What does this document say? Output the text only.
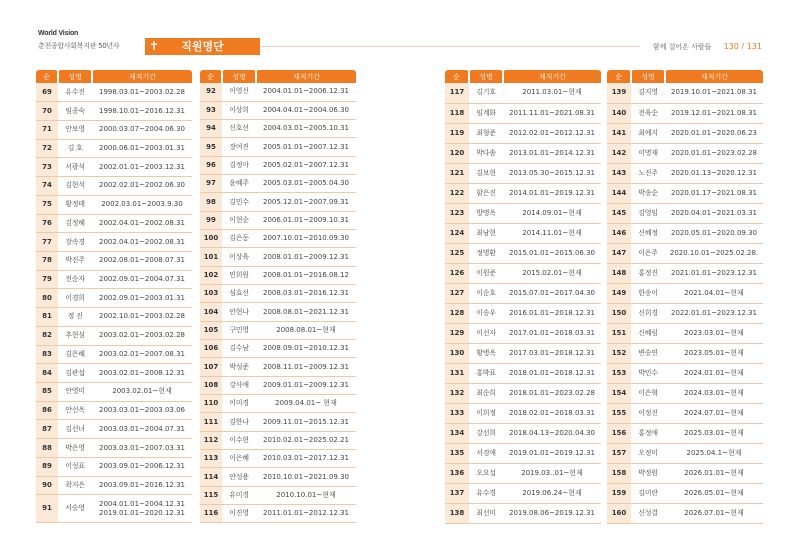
World Vision
춘천종합사회복지관 50년사 ✝	직원명단	함께 걸어온 사람들 130 / 131
순	성명	재직기간
69	유수진	1998.03.01~2003.02.28

70	임종숙	1998.10.01~2016.12.31

71	안보영	2000.03.07~2004.06.30

72	김 호	2000.06.01~2003.01.31

73	서광석	2002.01.01~2003.12.31

74	김현석	2002.02.01~2002.06.30

75	황정태	2002.03.01~2003.9.30

76	김정혜	2002.04.01~2002.08.31

77	장속경	2002.04.01~2002.08.31

78	박진주	2002.08.01~2008.07.31

79	전순자	2002.09.01~2004.07.31

80	이경희	2002.09.01~2003.01.31

81	정 진	2002.10.01~2003.02.28

82	추현심	2003.02.01~2003.02.28

83	김은혜	2003.02.01~2007.08.31

84	김관섭	2003.02.01~2008.12.31

85	안영미	2003.02.01~현재

86	안선옥	2003.03.01~2003.03.06

87	김선녀	2003.03.01~2004.07.31

88	박은영	2003.03.01~2007.03.31

89	이성표	2003.09.01~2006.12.31

90	곽지은	2003.09.01~2016.12.31

91	서승영	2004.01.01~2004.12.31
2019.01.01~2020.12.31
순	성명	재직기간
92	이영신	2004.01.01~2006.12.31

93	이상희	2004.04.01~2004.06.30

94	신호선	2004.03.01~2005.10.31

95	장여진	2005.01.01~2007.12.31

96	김정아	2005.02.01~2007.12.31

97	윤혜주	2005.03.01~2005.04.30

98	김민수	2005.12.01~2007.09.31

99	이현순	2006.01.01~2009.10.31

100	김은동	2007.10.01~2010.09.30

101	이상육	2008.01.01~2009.12.31

102	민희원	2008.01.01~2016.08.12

103	심효선	2008.03.01~2016.12.31

104	안현나	2008.08.01~2021.12.31

105	구민영	2008.08.01~현재

106	김수남	2008.09.01~2010.12.31

107	박성준	2008.11.01~2009.12.31

108	강사애	2009.01.01~2009.12.31

110	이미경	2009.04.01~ 현재

111	김한나	2009.11.01~2015.12.31

112	이수현	2010.02.01~2025.02.21

113	이은혜	2010.03.01~2017.12.31

114	안성용	2010.10.01~2021.09.30

115	유미경	2010.10.01~현재

116	이진영	2011.01.01~2012.12.31
순	성명	재직기간
117	김기호	2011.03.01~현재

118	임계화	2011.11.01~2021.08.31

119	최형준	2012.02.01~2012.12.31

120	박다솜	2013.01.01~2014.12.31

121	김보현	2013.05.30~2015.12.31

122	함은진	2014.01.01~2019.12.31

123	방명옥	2014.09.01~현재

124	최남현	2014.11.01~현재

125	정명환	2015.01.01~2015.06.30

126	이원준	2015.02.01~현재

127	이순호	2015.07.01~2017.04.30

128	이승우	2016.01.01~2018.12.31

129	이선자	2017.01.01~2018.03.31

130	황병옥	2017.03.01~2018.12.31

131	홍박표	2018.01.01~2018.12.31

132	최순희	2018.01.01~2023.02.28

133	이희정	2018.02.01~2018.03.31

134	강선희	2018.04.13~2020.04.30

135	서경애	2019.01.01~2019.12.31

136	오요섭	2019.03..01~현재

137	유수경	2019.06.24~현재

138	최선미	2019.08.06~2019.12.31
순	성명	재직기간
139	김지영	2019.10.01~2021.08.31

140	전육순	2019.12.01~2021.08.31

141	최예지	2020.01.01~2020.06.23

142	이명재	2020.01.01~2023.02.28

143	노진주	2020.01.13~2020.12.31

144	박송순	2020.01.17~2021.08.31

145	김영임	2020.04.01~2021.03.31

146	신혜정	2020.05.01~2020.09.30

147	이은주	2020.10.01~2025.02.28.

148	홍정진	2021.01.01~2023.12.31

149	한송이	2021.04.01~현재

150	신희경	2022.01.01~2023.12.31

151	신혜림	2023.03.01~현재

152	변승연	2023.05.01~현재

153	박민수	2024.01.01~현재

154	이은혁	2024.03.01~현재

155	이정진	2024.07.01~현재

156	홍정애	2025.03.01~현재

157	오정미	2025.04.1~현재

158	박정원	2026.01.01~현재

159	김미란	2026.05.01~현재

160	신성결	2026.07.01~현재
